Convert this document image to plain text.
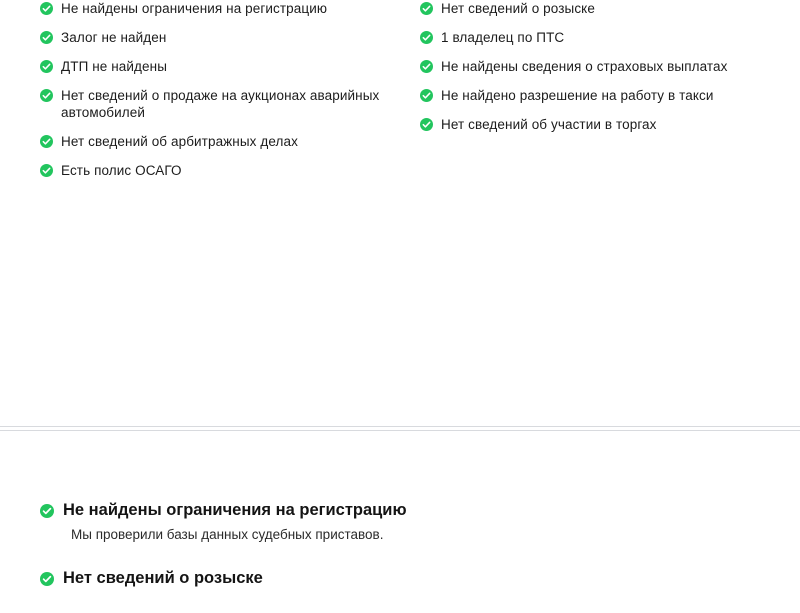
Не найдены ограничения на регистрацию
Залог не найден
ДТП не найдены
Нет сведений о продаже на аукционах аварийных автомобилей
Нет сведений об арбитражных делах
Есть полис ОСАГО
Нет сведений о розыске
1 владелец по ПТС
Не найдены сведения о страховых выплатах
Не найдено разрешение на работу в такси
Нет сведений об участии в торгах
Не найдены ограничения на регистрацию
Мы проверили базы данных судебных приставов.
Нет сведений о розыске
